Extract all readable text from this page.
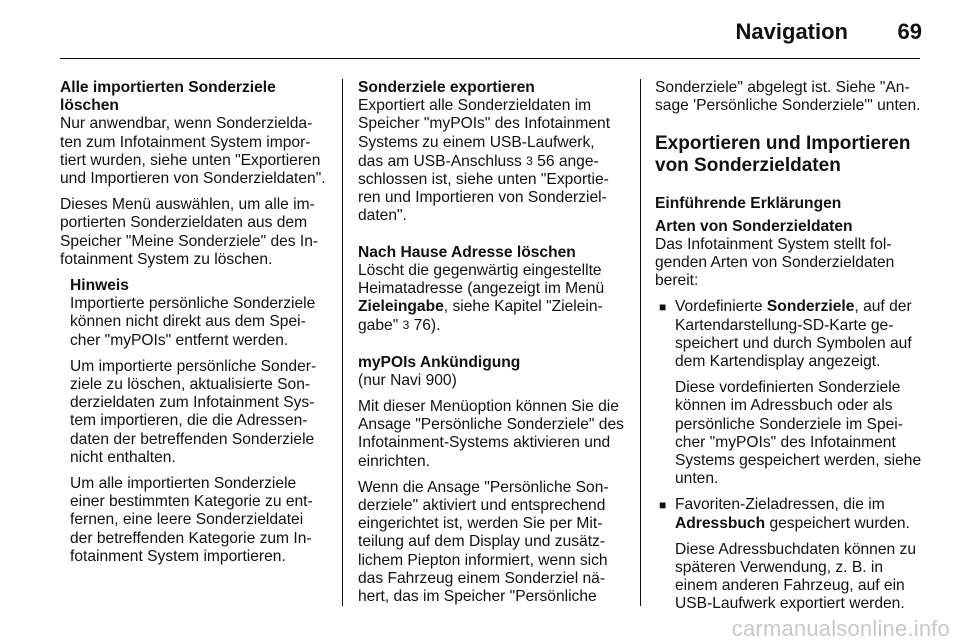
Navigation 69

Alle importierten Sonderziele löschen

Nur anwendbar, wenn Sonderzieldaten zum Infotainment System importiert wurden, siehe unten "Exportieren und Importieren von Sonderzieldaten".

Dieses Menü auswählen, um alle importierten Sonderzieldaten aus dem Speicher "Meine Sonderziele" des Infotainment System zu löschen.

Hinweis

Importierte persönliche Sonderziele können nicht direkt aus dem Speicher "myPOIs" entfernt werden.

Um importierte persönliche Sonderziele zu löschen, aktualisierte Sonderzieldaten zum Infotainment System importieren, die die Adressendaten der betreffenden Sonderziele nicht enthalten.

Um alle importierten Sonderziele einer bestimmten Kategorie zu entfernen, eine leere Sonderzieldatei der betreffenden Kategorie zum Infotainment System importieren.

Sonderziele exportieren

Exportiert alle Sonderzieldaten im Speicher "myPOIs" des Infotainment Systems zu einem USB-Laufwerk, das am USB-Anschluss 3 56 angeschlossen ist, siehe unten "Exportieren und Importieren von Sonderzieldaten".

Nach Hause Adresse löschen

Löscht die gegenwärtig eingestellte Heimatadresse (angezeigt im Menü Zieleingabe, siehe Kapitel "Zieleingabe" 3 76).

myPOIs Ankündigung

(nur Navi 900)

Mit dieser Menüoption können Sie die Ansage "Persönliche Sonderziele" des Infotainment-Systems aktivieren und einrichten.

Wenn die Ansage "Persönliche Sonderziele" aktiviert und entsprechend eingerichtet ist, werden Sie per Mitteilung auf dem Display und zusätzlichem Piepton informiert, wenn sich das Fahrzeug einem Sonderziel nähert, das im Speicher "Persönliche

Sonderziele" abgelegt ist. Siehe "Ansage 'Persönliche Sonderziele'" unten.

Exportieren und Importieren von Sonderzieldaten

Einführende Erklärungen

Arten von Sonderzieldaten

Das Infotainment System stellt folgenden Arten von Sonderzieldaten bereit:

■ Vordefinierte Sonderziele, auf der Kartendarstellung-SD-Karte gespeichert und durch Symbolen auf dem Kartendisplay angezeigt.

Diese vordefinierten Sonderziele können im Adressbuch oder als persönliche Sonderziele im Speicher "myPOIs" des Infotainment Systems gespeichert werden, siehe unten.

■ Favoriten-Zieladressen, die im Adressbuch gespeichert wurden.

Diese Adressbuchdaten können zu späteren Verwendung, z. B. in einem anderen Fahrzeug, auf ein USB-Laufwerk exportiert werden.

carmanualsonline.info
